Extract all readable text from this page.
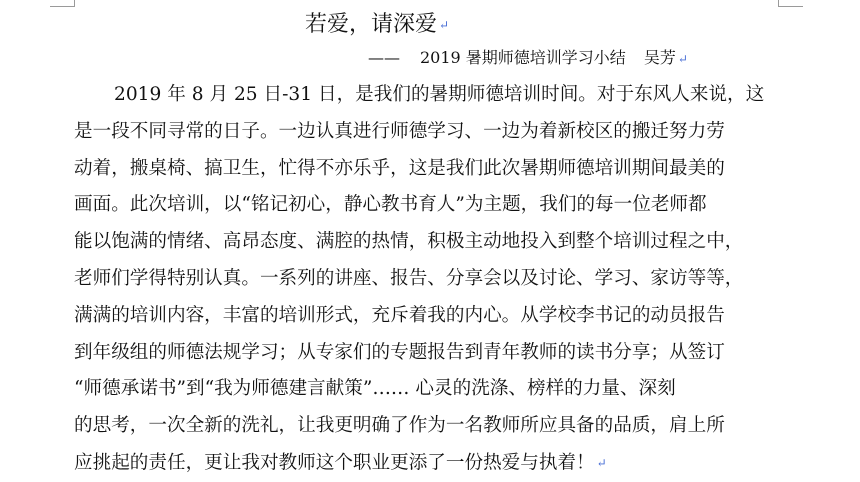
若爱，请深爱 ↵
—— 2019 暑期师德培训学习小结 吴芳 ↵
2019 年 8 月 25 日-31 日，是我们的暑期师德培训时间。对于东风人来说，这
是一段不同寻常的日子。一边认真进行师德学习、一边为着新校区的搬迁努力劳
动着，搬桌椅、搞卫生，忙得不亦乐乎，这是我们此次暑期师德培训期间最美的
画面。此次培训，以“铭记初心，静心教书育人”为主题，我们的每一位老师都
能以饱满的情绪、高昂态度、满腔的热情，积极主动地投入到整个培训过程之中，
老师们学得特别认真。一系列的讲座、报告、分享会以及讨论、学习、家访等等，
满满的培训内容，丰富的培训形式，充斥着我的内心。从学校李书记的动员报告
到年级组的师德法规学习；从专家们的专题报告到青年教师的读书分享；从签订
“师德承诺书”到“我为师德建言献策”…… 心灵的洗涤、榜样的力量、深刻
的思考，一次全新的洗礼，让我更明确了作为一名教师所应具备的品质，肩上所
应挑起的责任，更让我对教师这个职业更添了一份热爱与执着！ ↵
